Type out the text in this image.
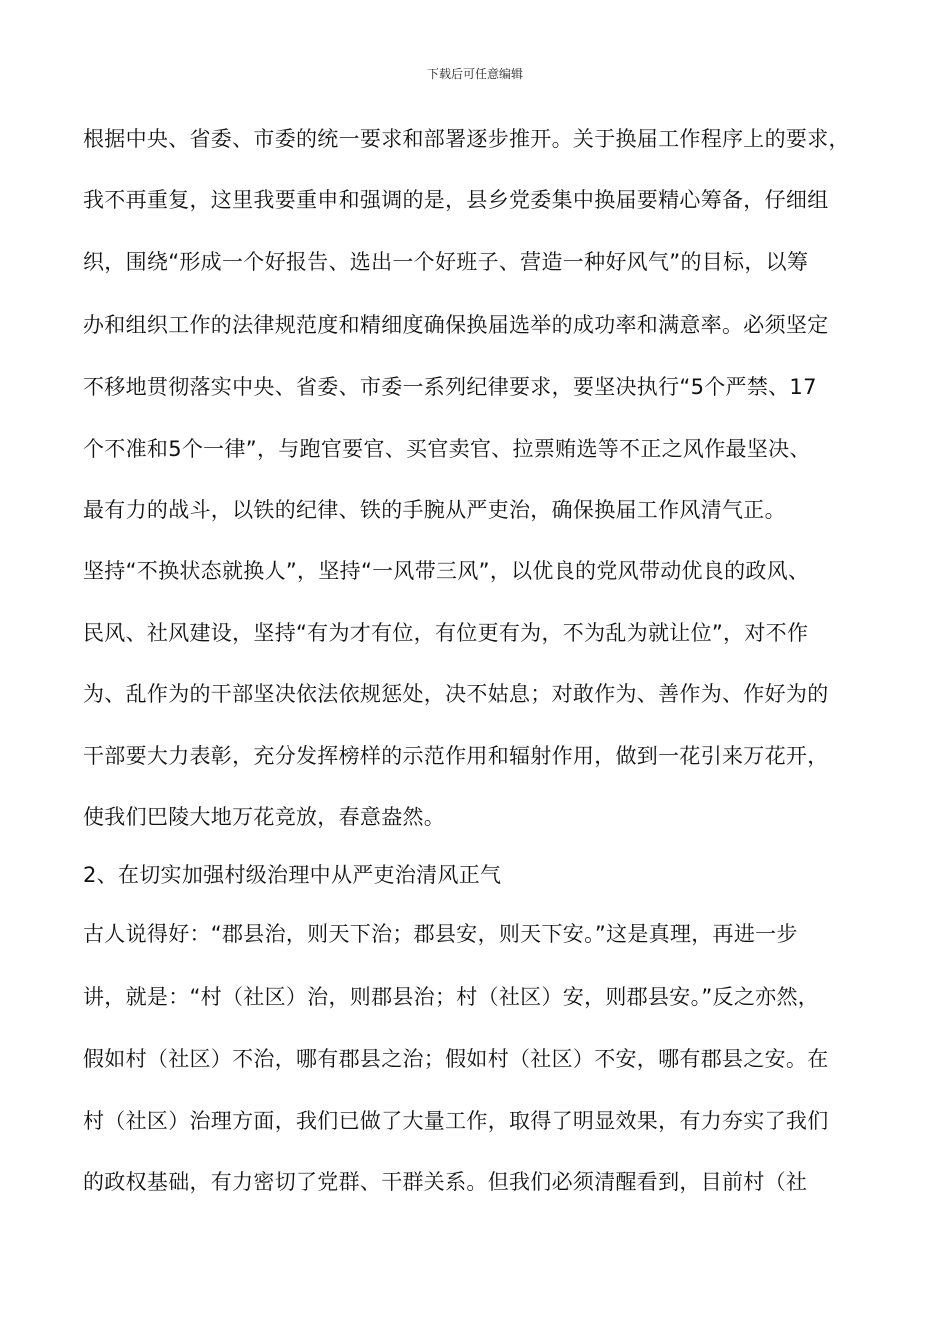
下载后可任意编辑
根据中央、省委、市委的统一要求和部署逐步推开。关于换届工作程序上的要求，
我不再重复，这里我要重申和强调的是，县乡党委集中换届要精心筹备，仔细组
织，围绕“形成一个好报告、选出一个好班子、营造一种好风气”的目标，以筹
办和组织工作的法律规范度和精细度确保换届选举的成功率和满意率。必须坚定
不移地贯彻落实中央、省委、市委一系列纪律要求，要坚决执行“5个严禁、17
个不准和5个一律”，与跑官要官、买官卖官、拉票贿选等不正之风作最坚决、
最有力的战斗，以铁的纪律、铁的手腕从严吏治，确保换届工作风清气正。
坚持“不换状态就换人”，坚持“一风带三风”，以优良的党风带动优良的政风、
民风、社风建设，坚持“有为才有位，有位更有为，不为乱为就让位”，对不作
为、乱作为的干部坚决依法依规惩处，决不姑息；对敢作为、善作为、作好为的
干部要大力表彰，充分发挥榜样的示范作用和辐射作用，做到一花引来万花开，
使我们巴陵大地万花竞放，春意盎然。
2、在切实加强村级治理中从严吏治清风正气
古人说得好：“郡县治，则天下治；郡县安，则天下安。”这是真理，再进一步
讲，就是：“村（社区）治，则郡县治；村（社区）安，则郡县安。”反之亦然，
假如村（社区）不治，哪有郡县之治；假如村（社区）不安，哪有郡县之安。在
村（社区）治理方面，我们已做了大量工作，取得了明显效果，有力夯实了我们
的政权基础，有力密切了党群、干群关系。但我们必须清醒看到，目前村（社
